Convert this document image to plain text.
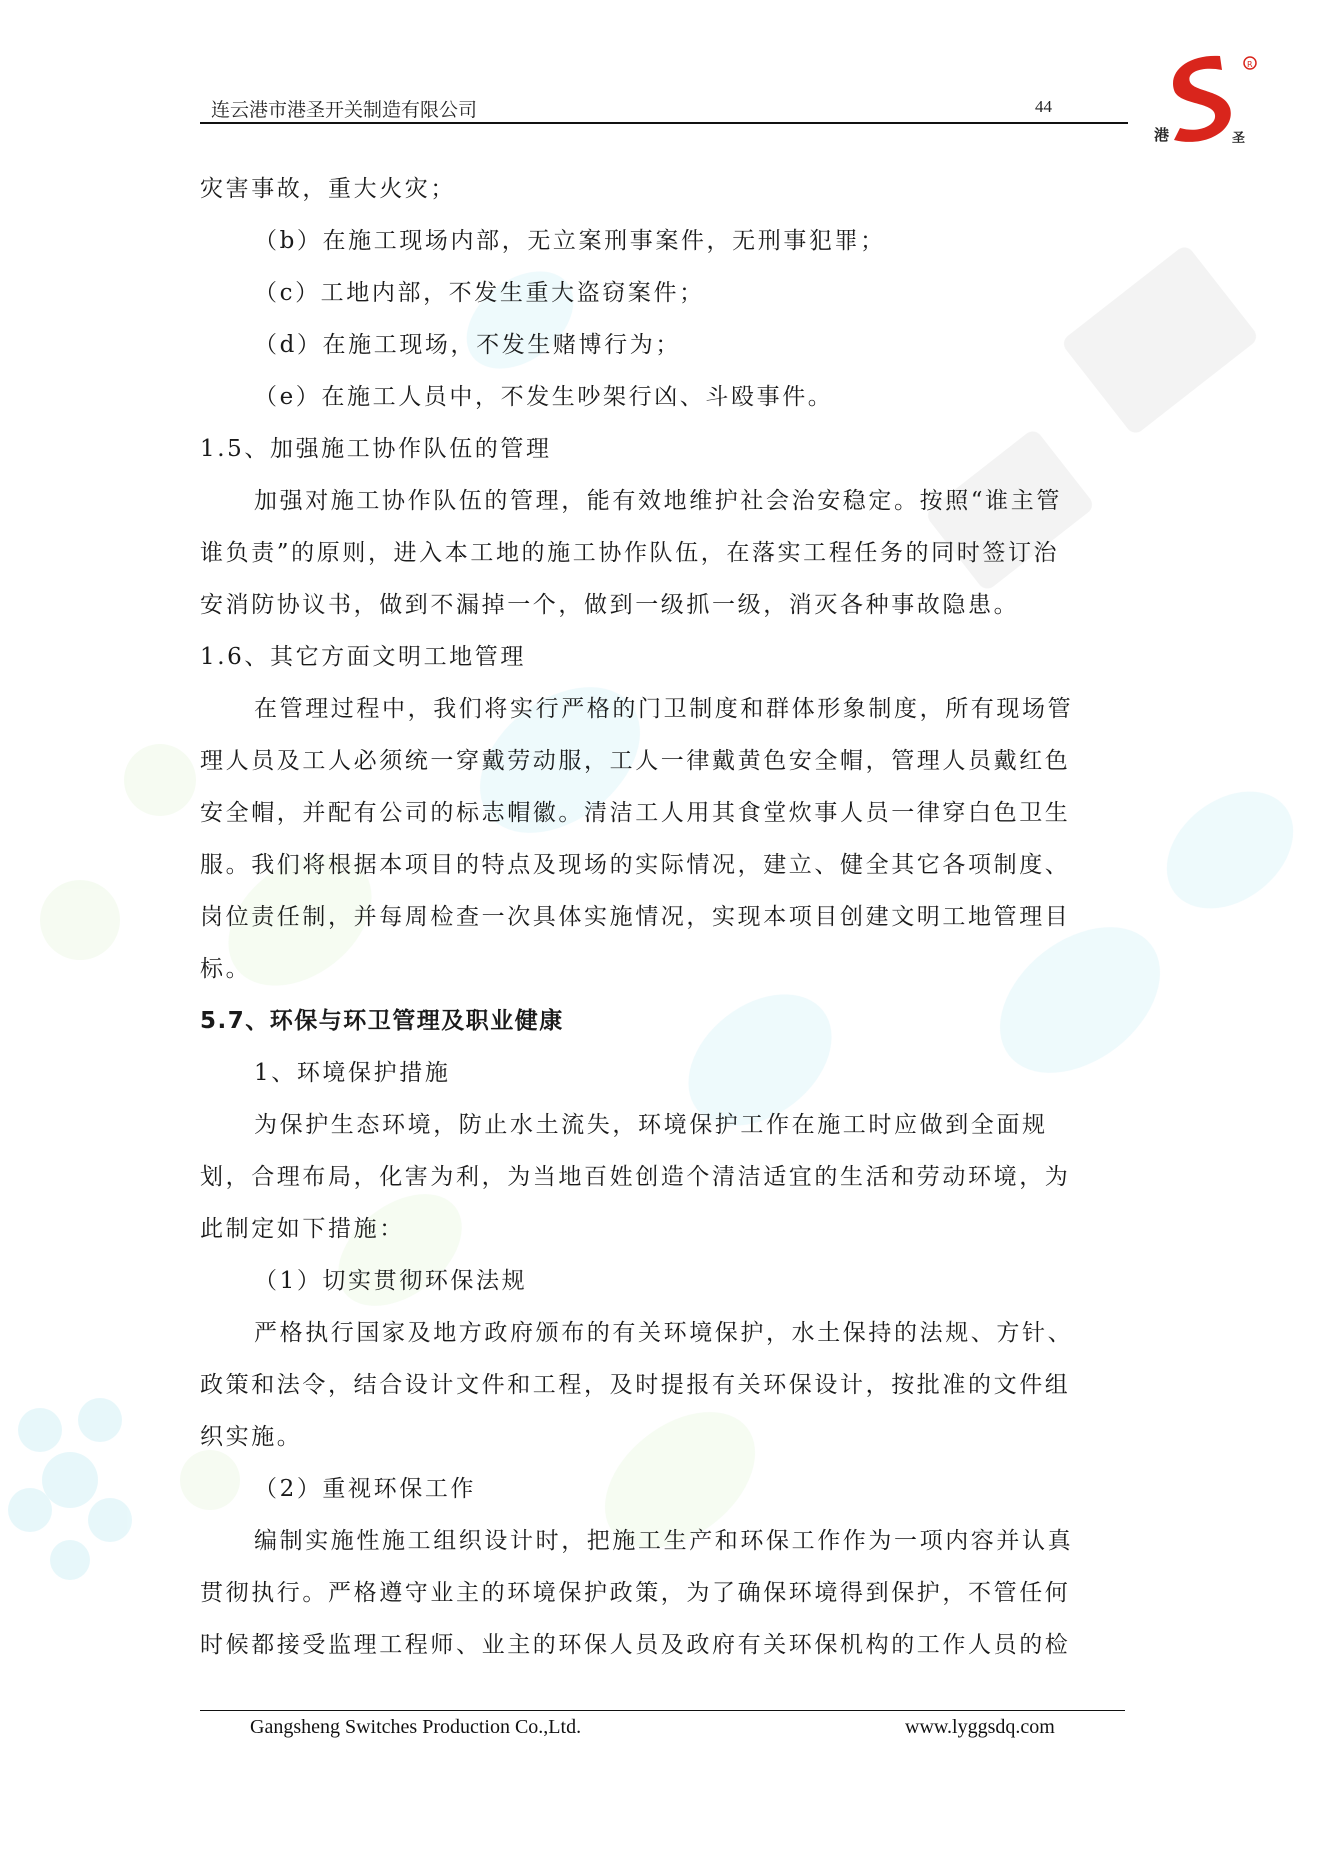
连云港市港圣开关制造有限公司	44
R
港	圣
灾害事故，重大火灾；
（b）在施工现场内部，无立案刑事案件，无刑事犯罪；
（c）工地内部，不发生重大盗窃案件；
（d）在施工现场，不发生赌博行为；
（e）在施工人员中，不发生吵架行凶、斗殴事件。
1.5、加强施工协作队伍的管理
加强对施工协作队伍的管理，能有效地维护社会治安稳定。按照“谁主管
谁负责”的原则，进入本工地的施工协作队伍，在落实工程任务的同时签订治
安消防协议书，做到不漏掉一个，做到一级抓一级，消灭各种事故隐患。
1.6、其它方面文明工地管理
在管理过程中，我们将实行严格的门卫制度和群体形象制度，所有现场管
理人员及工人必须统一穿戴劳动服，工人一律戴黄色安全帽，管理人员戴红色
安全帽，并配有公司的标志帽徽。清洁工人用其食堂炊事人员一律穿白色卫生
服。我们将根据本项目的特点及现场的实际情况，建立、健全其它各项制度、
岗位责任制，并每周检查一次具体实施情况，实现本项目创建文明工地管理目
标。
5.7、环保与环卫管理及职业健康
1、环境保护措施
为保护生态环境，防止水土流失，环境保护工作在施工时应做到全面规
划，合理布局，化害为利，为当地百姓创造个清洁适宜的生活和劳动环境，为
此制定如下措施：
（1）切实贯彻环保法规
严格执行国家及地方政府颁布的有关环境保护，水土保持的法规、方针、
政策和法令，结合设计文件和工程，及时提报有关环保设计，按批准的文件组
织实施。
（2）重视环保工作
编制实施性施工组织设计时，把施工生产和环保工作作为一项内容并认真
贯彻执行。严格遵守业主的环境保护政策，为了确保环境得到保护，不管任何
时候都接受监理工程师、业主的环保人员及政府有关环保机构的工作人员的检
Gangsheng Switches Production Co.,Ltd.	www.lyggsdq.com
